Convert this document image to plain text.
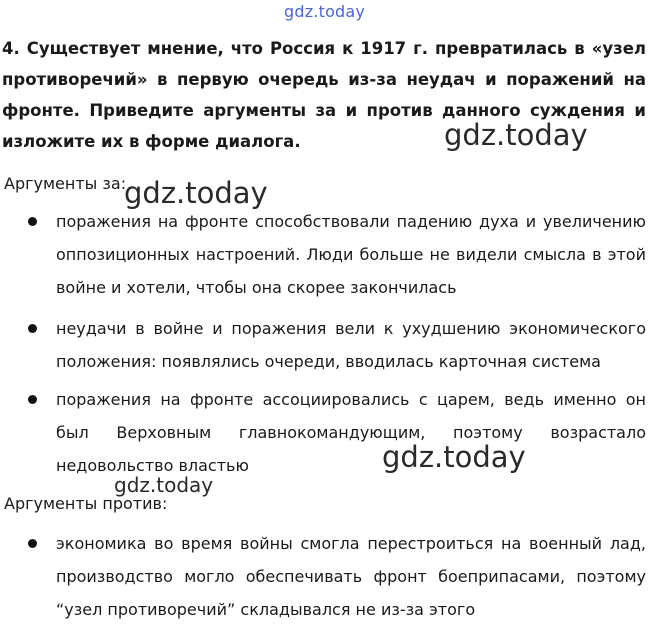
gdz.today

4. Существует мнение, что Россия к 1917 г. превратилась в «узел противоречий» в первую очередь из-за неудач и поражений на фронте. Приведите аргументы за и против данного суждения и изложите их в форме диалога.	gdz.today

Аргументы за:

gdz.today

поражения на фронте способствовали падению духа и увеличению оппозиционных настроений. Люди больше не видели смысла в этой войне и хотели, чтобы она скорее закончилась

неудачи в войне и поражения вели к ухудшению экономического положения: появлялись очереди, вводилась карточная система

поражения на фронте ассоциировались с царем, ведь именно он был Верховным главнокомандующим, поэтому возрастало недовольство властью	gdz.today
gdz.today

Аргументы против:

экономика во время войны смогла перестроиться на военный лад, производство могло обеспечивать фронт боеприпасами, поэтому “узел противоречий” складывался не из-за этого
